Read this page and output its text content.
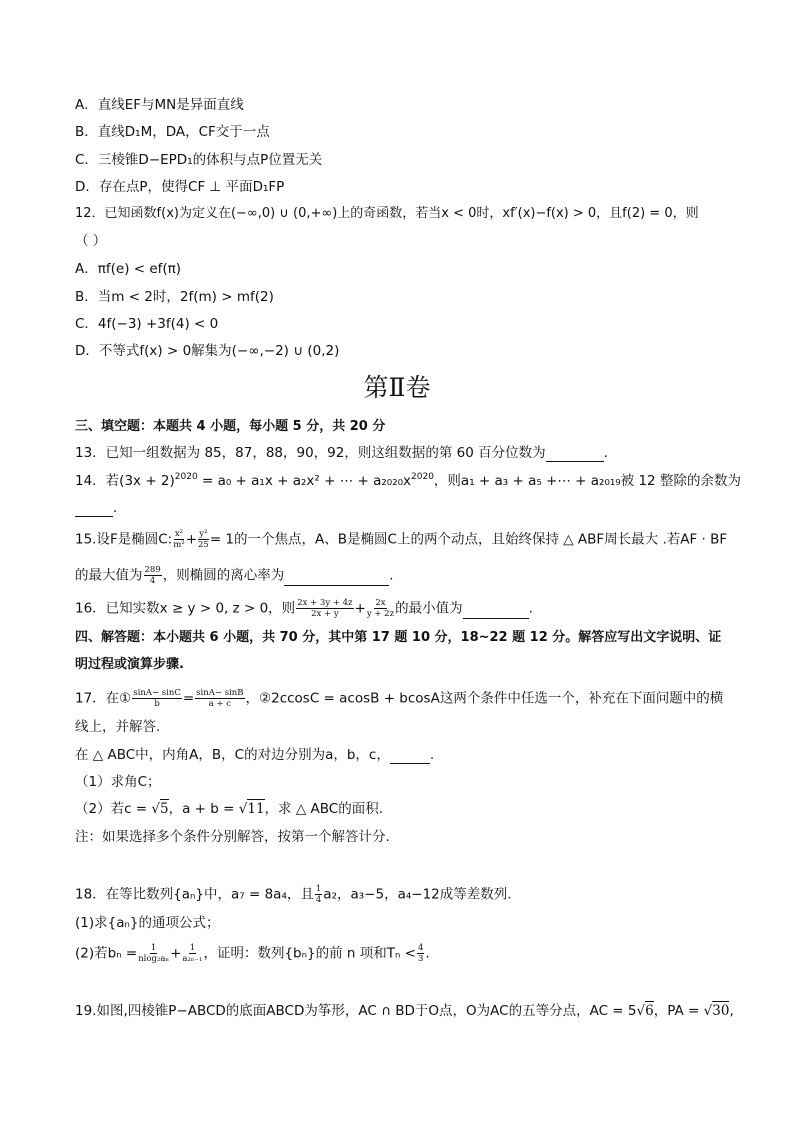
A．直线EF与MN是异面直线
B．直线D₁M，DA，CF交于一点
C．三棱锥D−EPD₁的体积与点P位置无关
D．存在点P，使得CF ⊥ 平面D₁FP
12．已知函数f(x)为定义在(−∞,0) ∪ (0,+∞)上的奇函数，若当x < 0时，xf′(x)−f(x) > 0，且f(2) = 0，则
（ ）
A．πf(e) < ef(π)
B．当m < 2时，2f(m) > mf(2)
C．4f(−3) +3f(4) < 0
D．不等式f(x) > 0解集为(−∞,−2) ∪ (0,2)
第Ⅱ卷
三、填空题：本题共 4 小题，每小题 5 分，共 20 分
13．已知一组数据为 85，87，88，90，92，则这组数据的第 60 百分位数为	.
14．若$(3x + 2)^{2020} = a_0 + a_1x + a_2x^2$ + ⋯ + $a_{2020}x^{2020}$，则a₁ + a₃ + a₅ +⋯ + a₂₀₁₉被 12 整除的余数为
.
15.设F是椭圆C: $\frac{\text{x²}}{\text{m²}} + \frac{\text{y²}}{25} = 1$的一个焦点，A、B是椭圆C上的两个动点，且始终保持 △ ABF周长最大 .若AF · BF
的最大值为 $\frac{289}{4}$ ，则椭圆的离心率为	.
16．已知实数x ≥ y > 0, z > 0，则 $\frac{2x + 3y + 4z}{2x + y} + \frac{2x}{y + 2z}$ 的最小值为	.
四、解答题：本小题共 6 小题，共 70 分，其中第 17 题 10 分，18~22 题 12 分。解答应写出文字说明、证
明过程或演算步骤.
17．在① $\frac{\sin A- \sin C}{b} = \frac{\sin A- \sin B}{a + c}$ ，②2ccosC = acosB + bcosA这两个条件中任选一个，补充在下面问题中的横
线上，并解答.
在 △ ABC中，内角A，B，C的对边分别为a，b，c，	.
（1）求角C；
（2）若c = √5，a + b = √11，求 △ ABC的面积.
注：如果选择多个条件分别解答，按第一个解答计分.
18．在等比数列{aₙ}中，a₇ = 8a₄，且 $\frac{1}{4} a_2$，a₃−5，a₄−12成等差数列.
(1)求{aₙ}的通项公式；
(2)若$b_n = \frac{1}{\text{nlog₂aₙ}} + \frac{1}{\text{a₂ₙ₋₁}}$ ，证明：数列{bₙ}的前 n 项和$T_n < \frac{4}{3}$ .
19.如图,四棱锥P−ABCD的底面ABCD为筝形，AC ∩ BD于O点，O为AC的五等分点，AC = 5√6，PA = √30,
